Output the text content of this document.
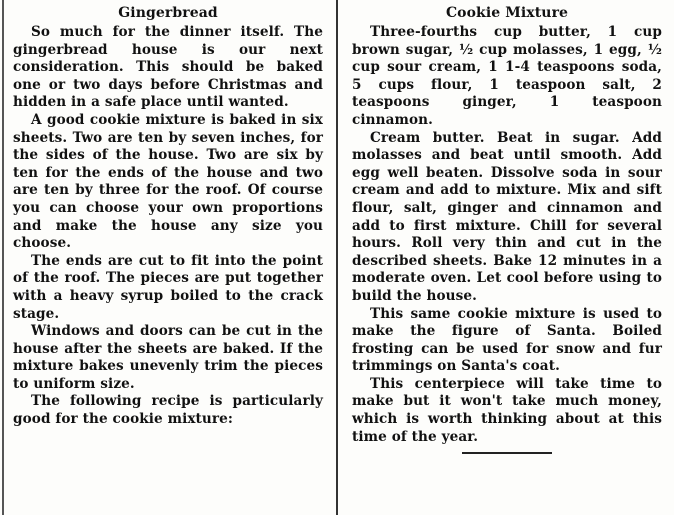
Gingerbread

So much for the dinner itself. The gingerbread house is our next consideration. This should be baked one or two days before Christmas and hidden in a safe place until wanted.

A good cookie mixture is baked in six sheets. Two are ten by seven inches, for the sides of the house. Two are six by ten for the ends of the house and two are ten by three for the roof. Of course you can choose your own proportions and make the house any size you choose.

The ends are cut to fit into the point of the roof. The pieces are put together with a heavy syrup boiled to the crack stage.

Windows and doors can be cut in the house after the sheets are baked. If the mixture bakes unevenly trim the pieces to uniform size.

The following recipe is particularly good for the cookie mixture:

Cookie Mixture

Three-fourths cup butter, 1 cup brown sugar, ½ cup molasses, 1 egg, ½ cup sour cream, 1 1-4 teaspoons soda, 5 cups flour, 1 teaspoon salt, 2 teaspoons ginger, 1 teaspoon cinnamon.

Cream butter. Beat in sugar. Add molasses and beat until smooth. Add egg well beaten. Dissolve soda in sour cream and add to mixture. Mix and sift flour, salt, ginger and cinnamon and add to first mixture. Chill for several hours. Roll very thin and cut in the described sheets. Bake 12 minutes in a moderate oven. Let cool before using to build the house.

This same cookie mixture is used to make the figure of Santa. Boiled frosting can be used for snow and fur trimmings on Santa's coat.

This centerpiece will take time to make but it won't take much money, which is worth thinking about at this time of the year.
